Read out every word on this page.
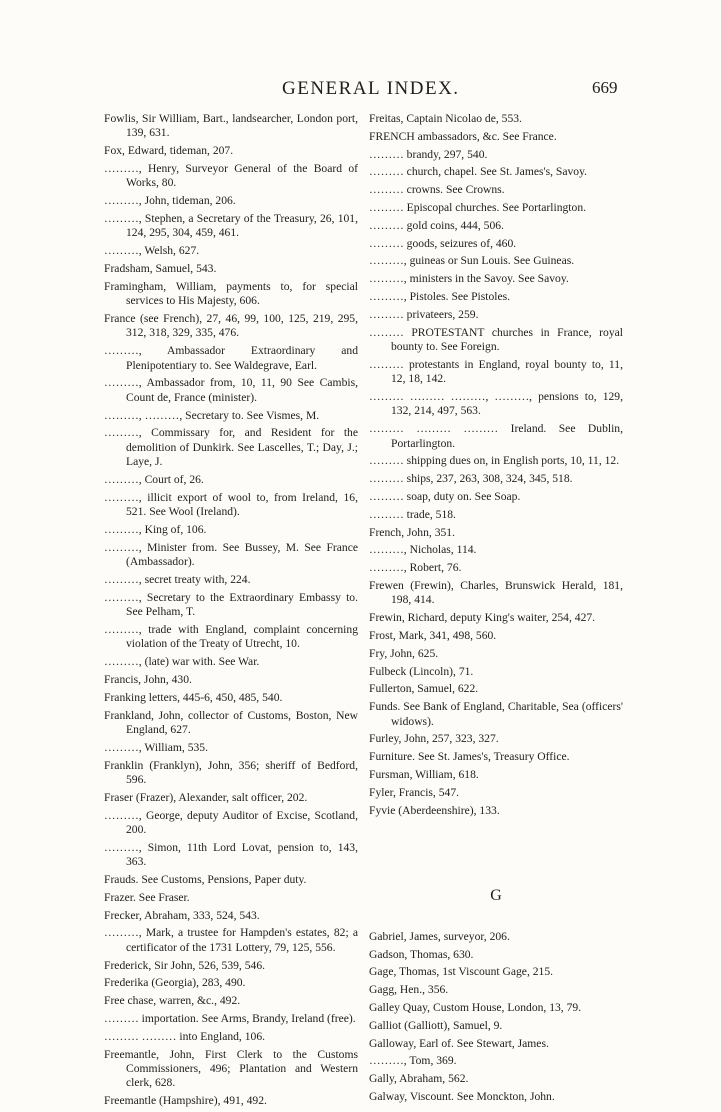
GENERAL INDEX.	669

Fowlis, Sir William, Bart., landsearcher, London port, 139, 631.

Fox, Edward, tideman, 207.

………, Henry, Surveyor General of the Board of Works, 80.

………, John, tideman, 206.

………, Stephen, a Secretary of the Treasury, 26, 101, 124, 295, 304, 459, 461.

………, Welsh, 627.

Fradsham, Samuel, 543.

Framingham, William, payments to, for special services to His Majesty, 606.

France (see French), 27, 46, 99, 100, 125, 219, 295, 312, 318, 329, 335, 476.

………, Ambassador Extraordinary and Plenipotentiary to. See Waldegrave, Earl.

………, Ambassador from, 10, 11, 90 See Cambis, Count de, France (minister).

………, ………, Secretary to. See Vismes, M.

………, Commissary for, and Resident for the demolition of Dunkirk. See Lascelles, T.; Day, J.; Laye, J.

………, Court of, 26.

………, illicit export of wool to, from Ireland, 16, 521. See Wool (Ireland).

………, King of, 106.

………, Minister from. See Bussey, M. See France (Ambassador).

………, secret treaty with, 224.

………, Secretary to the Extraordinary Embassy to. See Pelham, T.

………, trade with England, complaint concerning violation of the Treaty of Utrecht, 10.

………, (late) war with. See War.

Francis, John, 430.

Franking letters, 445-6, 450, 485, 540.

Frankland, John, collector of Customs, Boston, New England, 627.

………, William, 535.

Franklin (Franklyn), John, 356; sheriff of Bedford, 596.

Fraser (Frazer), Alexander, salt officer, 202.

………, George, deputy Auditor of Excise, Scotland, 200.

………, Simon, 11th Lord Lovat, pension to, 143, 363.

Frauds. See Customs, Pensions, Paper duty.

Frazer. See Fraser.

Frecker, Abraham, 333, 524, 543.

………, Mark, a trustee for Hampden's estates, 82; a certificator of the 1731 Lottery, 79, 125, 556.

Frederick, Sir John, 526, 539, 546.

Frederika (Georgia), 283, 490.

Free chase, warren, &c., 492.

……… importation. See Arms, Brandy, Ireland (free).

……… ……… into England, 106.

Freemantle, John, First Clerk to the Customs Commissioners, 496; Plantation and Western clerk, 628.

Freemantle (Hampshire), 491, 492.

Freitas, Captain Nicolao de, 553.

FRENCH ambassadors, &c. See France.

……… brandy, 297, 540.

……… church, chapel. See St. James's, Savoy.

……… crowns. See Crowns.

……… Episcopal churches. See Portarlington.

……… gold coins, 444, 506.

……… goods, seizures of, 460.

………, guineas or Sun Louis. See Guineas.

………, ministers in the Savoy. See Savoy.

………, Pistoles. See Pistoles.

……… privateers, 259.

……… PROTESTANT churches in France, royal bounty to. See Foreign.

……… protestants in England, royal bounty to, 11, 12, 18, 142.

……… ……… ………, ………, pensions to, 129, 132, 214, 497, 563.

……… ……… ……… Ireland. See Dublin, Portarlington.

……… shipping dues on, in English ports, 10, 11, 12.

……… ships, 237, 263, 308, 324, 345, 518.

……… soap, duty on. See Soap.

……… trade, 518.

French, John, 351.

………, Nicholas, 114.

………, Robert, 76.

Frewen (Frewin), Charles, Brunswick Herald, 181, 198, 414.

Frewin, Richard, deputy King's waiter, 254, 427.

Frost, Mark, 341, 498, 560.

Fry, John, 625.

Fulbeck (Lincoln), 71.

Fullerton, Samuel, 622.

Funds. See Bank of England, Charitable, Sea (officers' widows).

Furley, John, 257, 323, 327.

Furniture. See St. James's, Treasury Office.

Fursman, William, 618.

Fyler, Francis, 547.

Fyvie (Aberdeenshire), 133.

G

Gabriel, James, surveyor, 206.

Gadson, Thomas, 630.

Gage, Thomas, 1st Viscount Gage, 215.

Gagg, Hen., 356.

Galley Quay, Custom House, London, 13, 79.

Galliot (Galliott), Samuel, 9.

Galloway, Earl of. See Stewart, James.

………, Tom, 369.

Gally, Abraham, 562.

Galway, Viscount. See Monckton, John.
